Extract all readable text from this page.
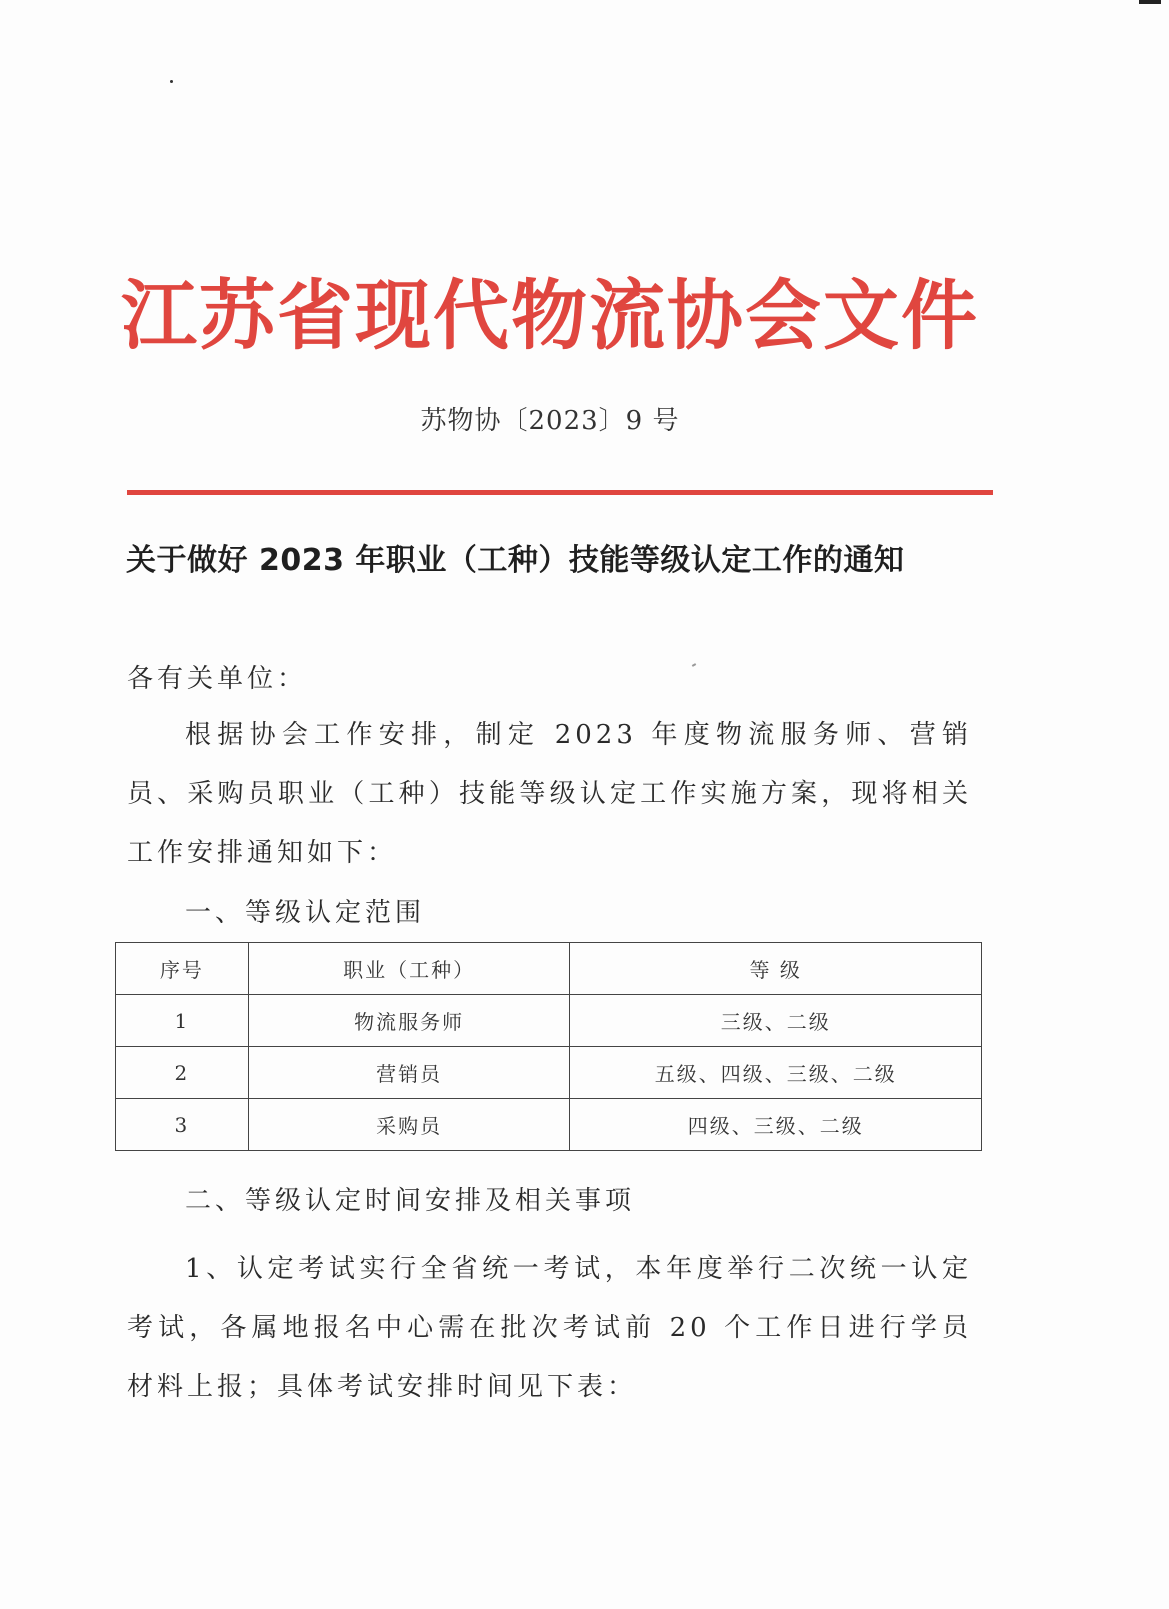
江苏省现代物流协会文件
苏物协〔2023〕9 号
关于做好 2023 年职业（工种）技能等级认定工作的通知
各有关单位：
根据协会工作安排，制定 2023 年度物流服务师、营销员、采购员职业（工种）技能等级认定工作实施方案，现将相关工作安排通知如下：
一、等级认定范围
序号	职业（工种）	等 级
1	物流服务师	三级、二级
2	营销员	五级、四级、三级、二级
3	采购员	四级、三级、二级
二、等级认定时间安排及相关事项
1、认定考试实行全省统一考试，本年度举行二次统一认定考试，各属地报名中心需在批次考试前 20 个工作日进行学员材料上报；具体考试安排时间见下表：
